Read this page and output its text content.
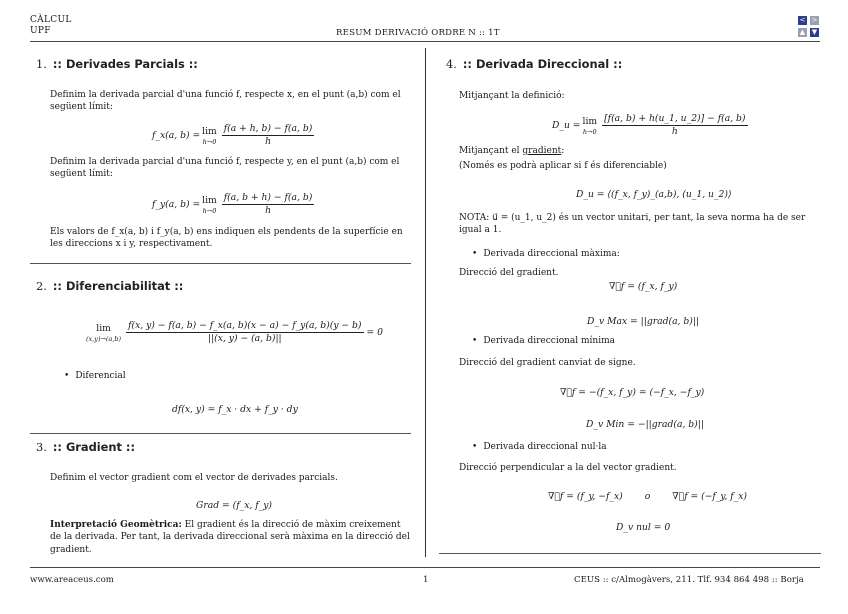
CÀLCUL
UPF	RESUM DERIVACIÓ ORDRE N :: 1T
< >
▲ ▼
1. :: Derivades Parcials ::
Definim la derivada parcial d'una funció f, respecte x, en el punt (a,b) com el següent límit:
f_x(a, b) = lim
$h\to 0 \frac{f(a + h, b) - f(a, b)}{h}$
Definim la derivada parcial d'una funció f, respecte y, en el punt (a,b) com el següent límit:
f_y(a, b) = lim
$h\to 0 \frac{f(a, b + h) - f(a, b)}{h}$
Els valors de f_x(a, b) i f_y(a, b) ens indiquen els pendents de la superfície en les direccions x i y, respectivament.
2. :: Diferenciabilitat ::
lim
$(x,y)\to(a,b) \frac{f(x, y) - f(a, b) - f\_x(a, b)(x - a) - f\_y(a, b)(y - b)}{||(x, y) - (a, b)||} = 0$
• Diferencial
df(x, y) = f_x · dx + f_y · dy
3. :: Gradient ::
Definim el vector gradient com el vector de derivades parcials.
Grad = (f_x, f_y)
Interpretació Geomètrica: El gradient és la direcció de màxim creixement de la derivada. Per tant, la derivada direccional serà màxima en la direcció del gradient.
4. :: Derivada Direccional ::
Mitjançant la definició:
D_u = lim
$h\to 0 \frac{[f(a, b) + h(u\_1, u\_2)] - f(a, b)}{h}$
Mitjançant el gradient:
(Només es podrà aplicar si f és diferenciable)
D_u = ⟨(f_x, f_y)_(a,b), (u_1, u_2)⟩
NOTA: u⃗ = (u_1, u_2) és un vector unitari, per tant, la seva norma ha de ser igual a 1.
• Derivada direccional màxima:
Direcció del gradient.
∇⃗f = (f_x, f_y)
D_v Max = ||grad(a, b)||
• Derivada direccional mínima
Direcció del gradient canviat de signe.
∇⃗f = −(f_x, f_y) = (−f_x, −f_y)
D_v Min = −||grad(a, b)||
• Derivada direccional nul·la
Direcció perpendicular a la del vector gradient.
∇⃗f = (f_y, −f_x) o ∇⃗f = (−f_y, f_x)
D_v nul = 0
www.areaceus.com	1	CEUS :: c/Almogàvers, 211. Tlf. 934 864 498 :: Borja
